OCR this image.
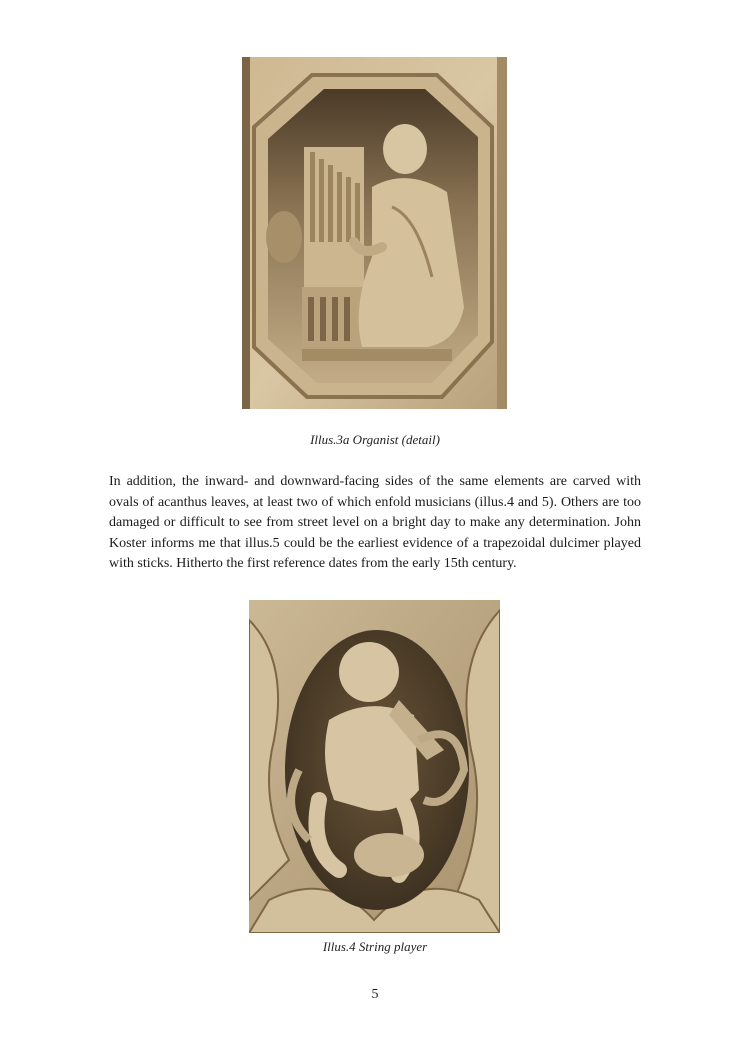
Illus.3a Organist (detail)
In addition, the inward- and downward-facing sides of the same elements are carved with ovals of acanthus leaves, at least two of which enfold musicians (illus.4 and 5). Others are too damaged or difficult to see from street level on a bright day to make any determination. John Koster informs me that illus.5 could be the earliest evidence of a trapezoidal dulcimer played with sticks. Hitherto the first reference dates from the early 15th century.
Illus.4 String player
5
